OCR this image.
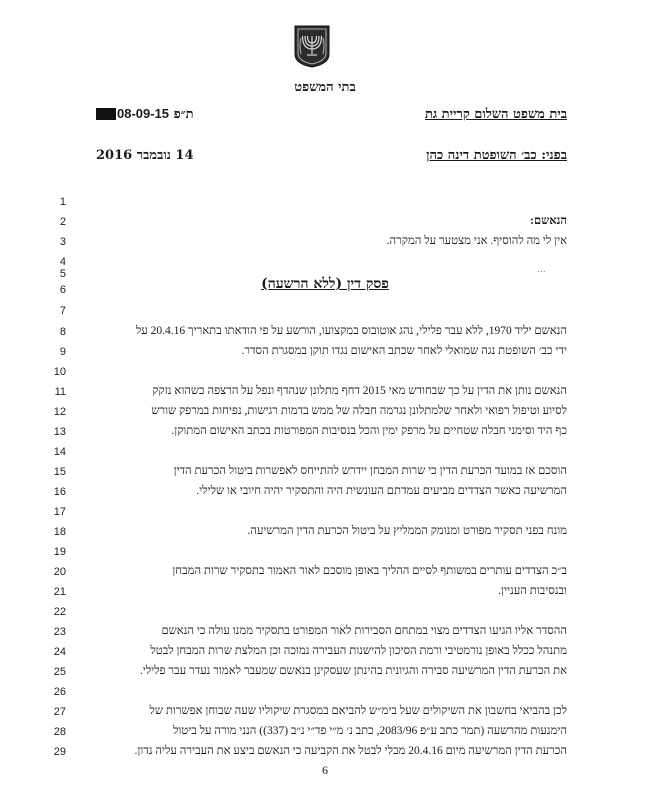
בתי המשפט
בית משפט השלום קריית גת
08-09-15 ת״פ
בפני: כב׳ השופטת דינה כהן
14 נובמבר 2016
1
2
3
4
5
6
7
8
9
10
11
12
13
14
15
16
17
18
19
20
21
22
23
24
25
26
27
28
29
הנאשם:
אין לי מה להוסיף. אני מצטער על המקרה.
...
פסק דין (ללא הרשעה)
הנאשם יליד 1970, ללא עבר פלילי, נהג אוטובוס במקצועו, הורשע על פי הודאתו בתאריך 20.4.16 על
ידי כב׳ השופטת נגה שמואלי לאחר שכתב האישום נגדו תוקן במסגרת הסדר.
הנאשם נותן את הדין על כך שבחודש מאי 2015 דחף מתלונן שנהדף ונפל על הרצפה כשהוא נזקק
לסיוע וטיפול רפואי ולאחר שלמתלונן נגרמה חבלה של ממש בדמות רגישות, נפיחות במרפק שורש
כף היד וסימני חבלה שטחיים על מרפק ימין והכל בנסיבות המפורטות בכתב האישום המתוקן.
הוסכם אז במועד הכרעת הדין כי שרות המבחן יידרש להתייחס לאפשרות ביטול הכרעת הדין
המרשיעה כאשר הצדדים מביעים עמדתם העונשית היה והתסקיר יהיה חיובי או שלילי.
מונח בפני תסקיר מפורט ומנומק הממליץ על ביטול הכרעת הדין המרשיעה.
ב״כ הצדדים עותרים במשותף לסיים ההליך באופן מוסכם לאור האמור בתסקיר שרות המבחן
ובנסיבות העניין.
ההסדר אליו הגיעו הצדדים מצוי במתחם הסבירות לאור המפורט בתסקיר ממנו עולה כי הנאשם
מתנהל ככלל באופן נורמטיבי ורמת הסיכון להישנות העבירה נמוכה וכן המלצת שרות המבחן לבטל
את הכרעת הדין המרשיעה סבירה והגיונית בהינתן שעסקינן בנאשם שמעבר לאמור נעדר עבר פלילי.
לכן בהביאי בחשבון את השיקולים שעל בימ״ש להביאם במסגרת שיקוליו שעה שבוחן אפשרות של
הימנעות מהרשעה (תמר כתב ע״פ 2083/96, כתב נ׳ מ״י פד״י נ״ב (337)) הנני מורה על ביטול
הכרעת הדין המרשיעה מיום 20.4.16 מבלי לבטל את הקביעה כי הנאשם ביצע את העבירה עליה נדון.
6
